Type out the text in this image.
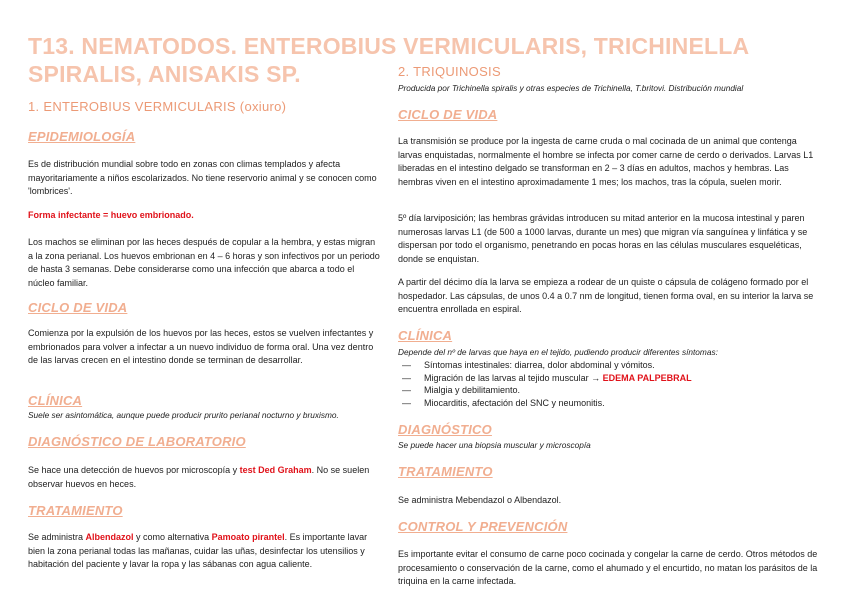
T13. NEMATODOS. ENTEROBIUS VERMICULARIS, TRICHINELLA SPIRALIS, ANISAKIS SP.
1. ENTEROBIUS VERMICULARIS (oxiuro)
EPIDEMIOLOGÍA

Es de distribución mundial sobre todo en zonas con climas templados y afecta mayoritariamente a niños escolarizados. No tiene reservorio animal y se conocen como 'lombrices'.

Forma infectante = huevo embrionado.

Los machos se eliminan por las heces después de copular a la hembra, y estas migran a la zona perianal. Los huevos embrionan en 4 – 6 horas y son infectivos por un periodo de hasta 3 semanas. Debe considerarse como una infección que abarca a todo el núcleo familiar.

CICLO DE VIDA

Comienza por la expulsión de los huevos por las heces, estos se vuelven infectantes y embrionados para volver a infectar a un nuevo individuo de forma oral. Una vez dentro de las larvas crecen en el intestino donde se terminan de desarrollar.

CLÍNICA

Suele ser asintomática, aunque puede producir prurito perianal nocturno y bruxismo.

DIAGNÓSTICO DE LABORATORIO

Se hace una detección de huevos por microscopía y test Ded Graham. No se suelen observar huevos en heces.

TRATAMIENTO

Se administra Albendazol y como alternativa Pamoato pirantel. Es importante lavar bien la zona perianal todas las mañanas, cuidar las uñas, desinfectar los utensilios y habitación del paciente y lavar la ropa y las sábanas con agua caliente.

2. TRIQUINOSIS

Producida por Trichinella spiralis y otras especies de Trichinella, T.britovi. Distribución mundial

CICLO DE VIDA

La transmisión se produce por la ingesta de carne cruda o mal cocinada de un animal que contenga larvas enquistadas, normalmente el hombre se infecta por comer carne de cerdo o derivados. Larvas L1 liberadas en el intestino delgado se transforman en 2 – 3 días en adultos, machos y hembras. Las hembras viven en el intestino aproximadamente 1 mes; los machos, tras la cópula, suelen morir.

5º día larviposición; las hembras grávidas introducen su mitad anterior en la mucosa intestinal y paren numerosas larvas L1 (de 500 a 1000 larvas, durante un mes) que migran vía sanguínea y linfática y se dispersan por todo el organismo, penetrando en pocas horas en las células musculares esqueléticas, donde se enquistan.

A partir del décimo día la larva se empieza a rodear de un quiste o cápsula de colágeno formado por el hospedador. Las cápsulas, de unos 0.4 a 0.7 nm de longitud, tienen forma oval, en su interior la larva se encuentra enrollada en espiral.

CLÍNICA

Depende del nº de larvas que haya en el tejido, pudiendo producir diferentes síntomas:

— Síntomas intestinales: diarrea, dolor abdominal y vómitos.
— Migración de las larvas al tejido muscular → EDEMA PALPEBRAL
— Mialgia y debilitamiento.
— Miocarditis, afectación del SNC y neumonitis.
DIAGNÓSTICO

Se puede hacer una biopsia muscular y microscopía

TRATAMIENTO

Se administra Mebendazol o Albendazol.

CONTROL Y PREVENCIÓN

Es importante evitar el consumo de carne poco cocinada y congelar la carne de cerdo. Otros métodos de procesamiento o conservación de la carne, como el ahumado y el encurtido, no matan los parásitos de la triquina en la carne infectada.
